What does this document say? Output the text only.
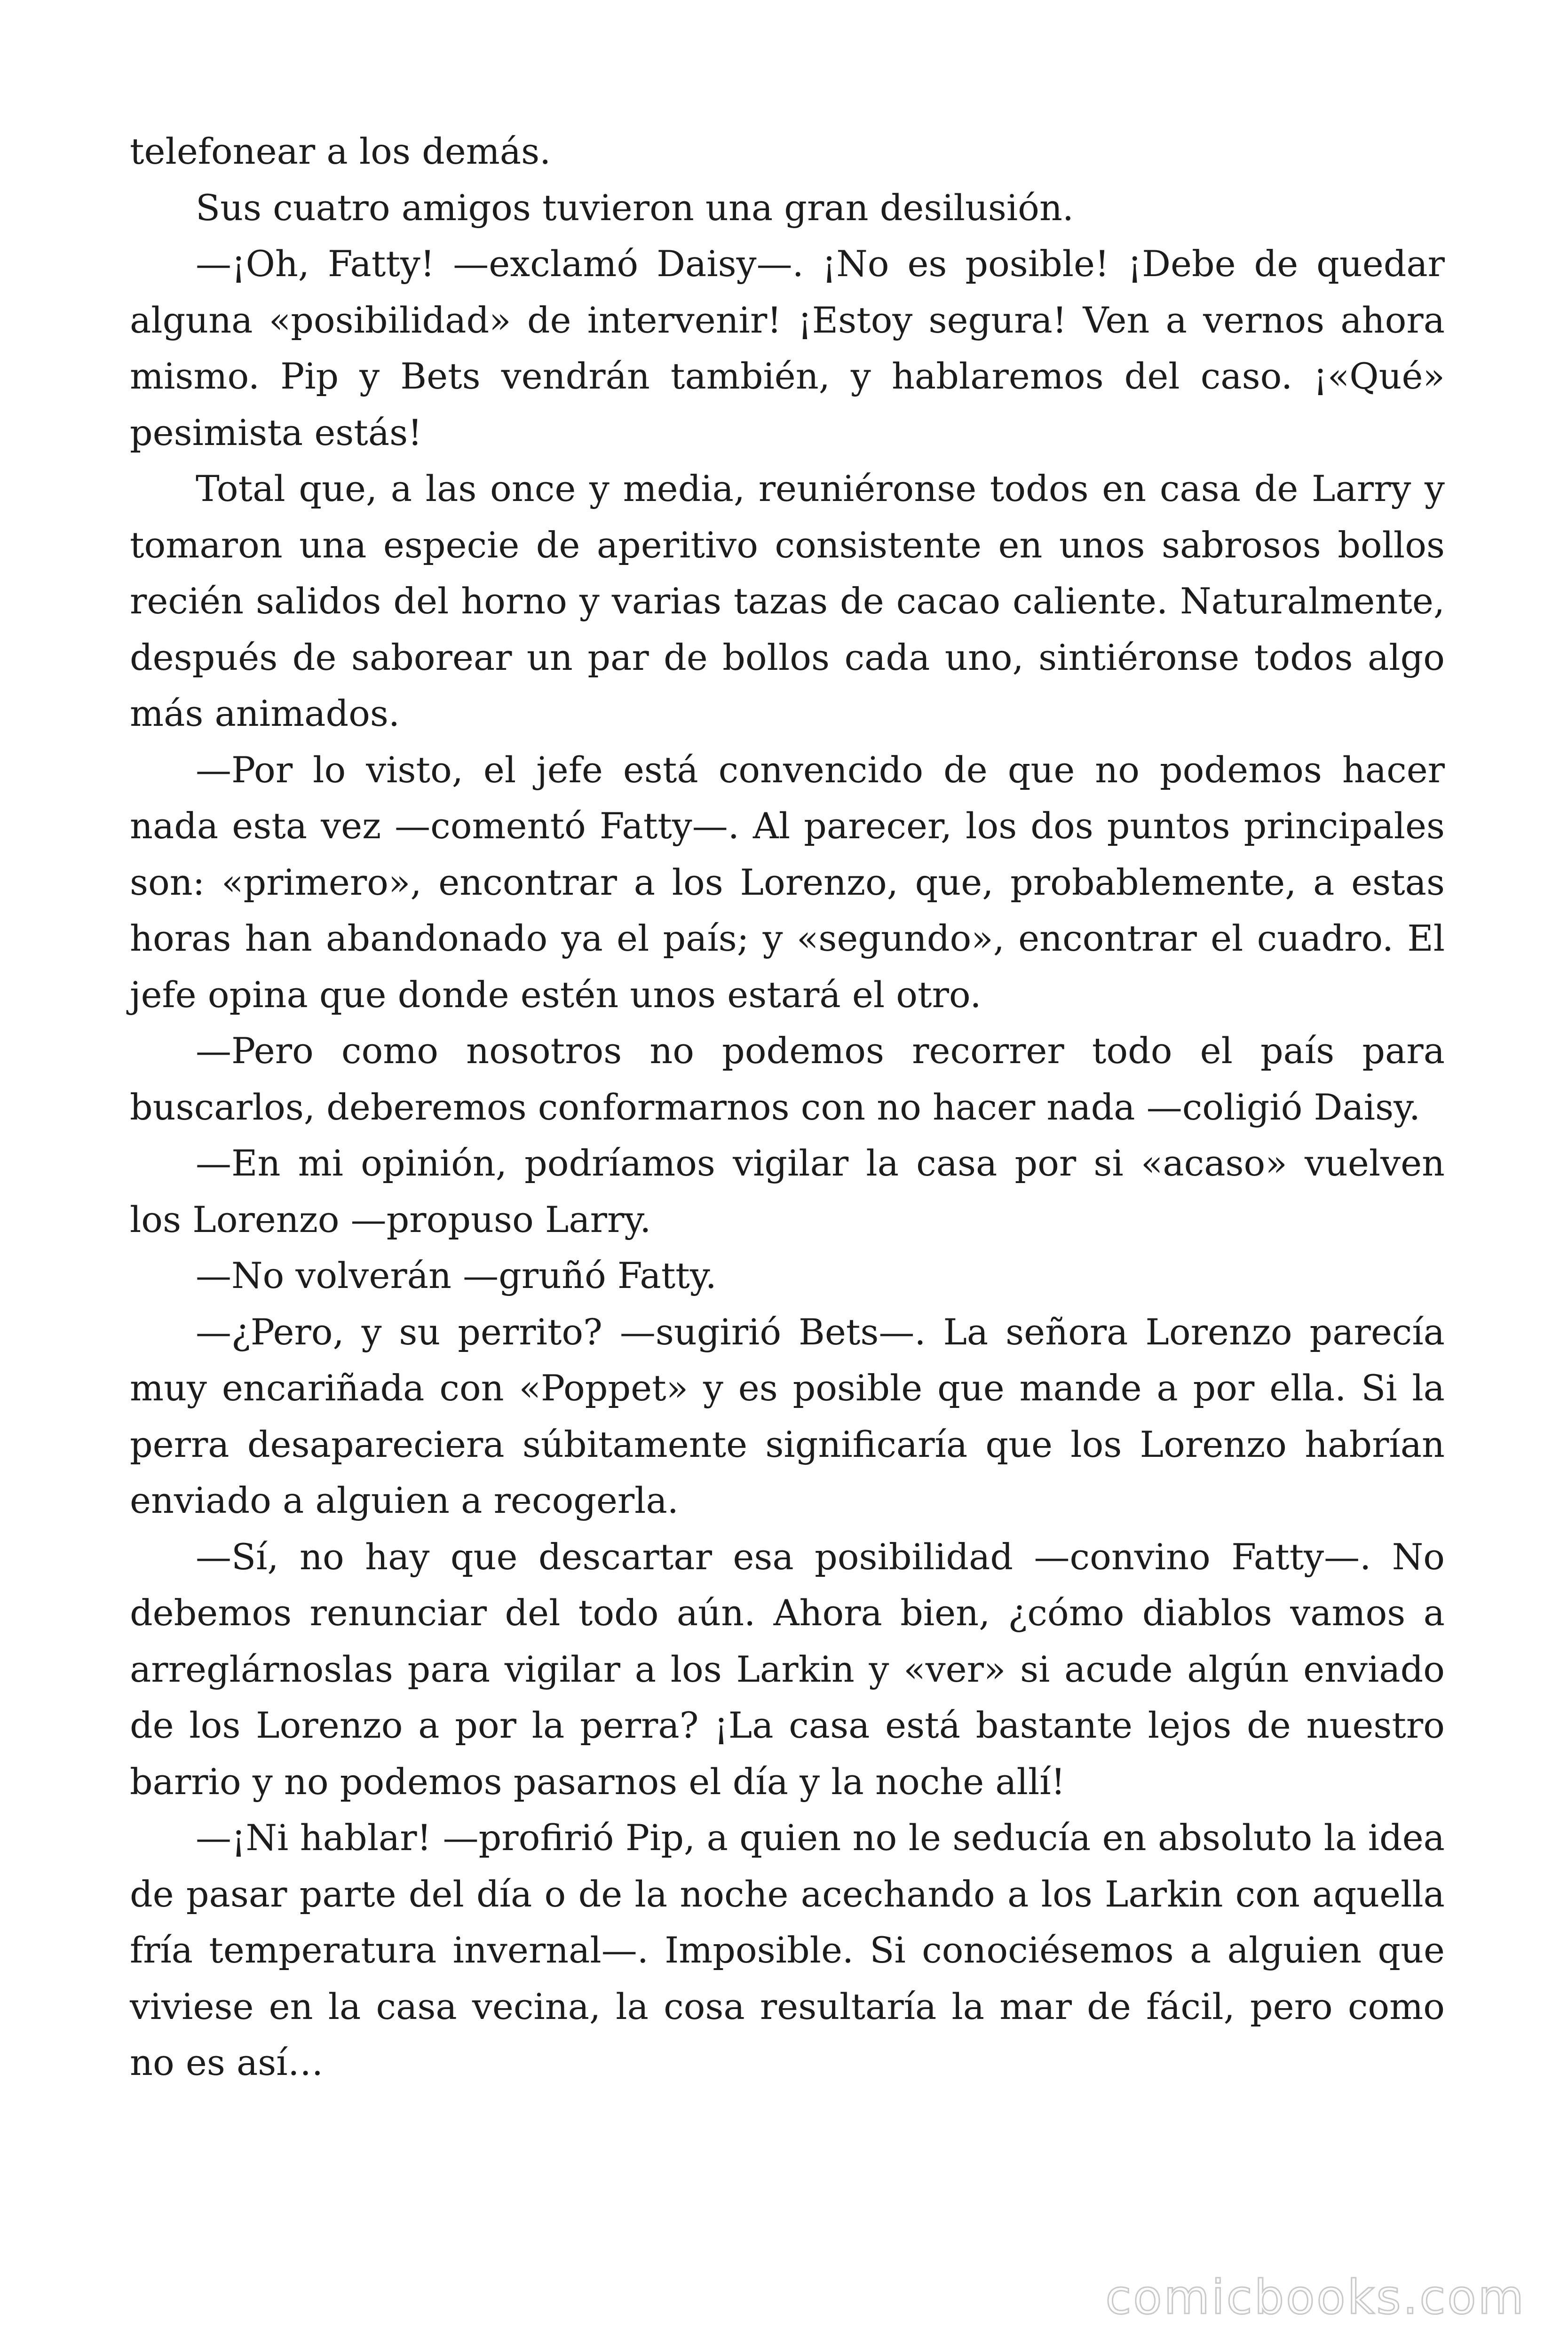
telefonear a los demás.

Sus cuatro amigos tuvieron una gran desilusión.

—¡Oh, Fatty! —exclamó Daisy—. ¡No es posible! ¡Debe de quedar alguna «posibilidad» de intervenir! ¡Estoy segura! Ven a vernos ahora mismo. Pip y Bets vendrán también, y hablaremos del caso. ¡«Qué» pesimista estás!

Total que, a las once y media, reuniéronse todos en casa de Larry y tomaron una especie de aperitivo consistente en unos sabrosos bollos recién salidos del horno y varias tazas de cacao caliente. Naturalmente, después de saborear un par de bollos cada uno, sintiéronse todos algo más animados.

—Por lo visto, el jefe está convencido de que no podemos hacer nada esta vez —comentó Fatty—. Al parecer, los dos puntos principales son: «primero», encontrar a los Lorenzo, que, probablemente, a estas horas han abandonado ya el país; y «segundo», encontrar el cuadro. El jefe opina que donde estén unos estará el otro.

—Pero como nosotros no podemos recorrer todo el país para buscarlos, deberemos conformarnos con no hacer nada —coligió Daisy.

—En mi opinión, podríamos vigilar la casa por si «acaso» vuelven los Lorenzo —propuso Larry.

—No volverán —gruñó Fatty.

—¿Pero, y su perrito? —sugirió Bets—. La señora Lorenzo parecía muy encariñada con «Poppet» y es posible que mande a por ella. Si la perra desapareciera súbitamente significaría que los Lorenzo habrían enviado a alguien a recogerla.

—Sí, no hay que descartar esa posibilidad —convino Fatty—. No debemos renunciar del todo aún. Ahora bien, ¿cómo diablos vamos a arreglárnoslas para vigilar a los Larkin y «ver» si acude algún enviado de los Lorenzo a por la perra? ¡La casa está bastante lejos de nuestro barrio y no podemos pasarnos el día y la noche allí!

—¡Ni hablar! —profirió Pip, a quien no le seducía en absoluto la idea de pasar parte del día o de la noche acechando a los Larkin con aquella fría temperatura invernal—. Imposible. Si conociésemos a alguien que viviese en la casa vecina, la cosa resultaría la mar de fácil, pero como no es así…

comicbooks.com
